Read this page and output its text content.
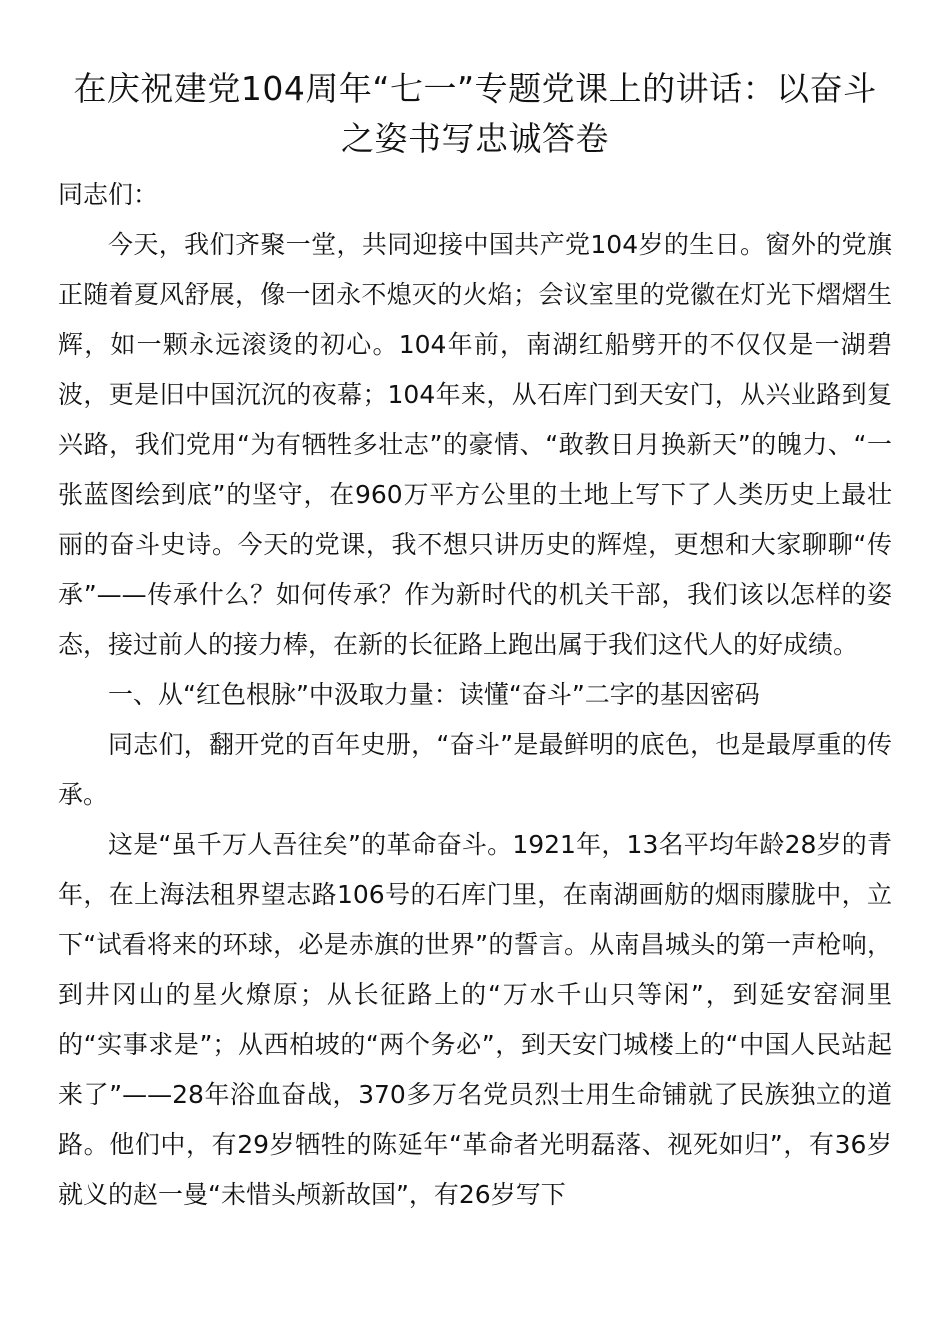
在庆祝建党104周年“七一”专题党课上的讲话：以奋斗之姿书写忠诚答卷

同志们：

今天，我们齐聚一堂，共同迎接中国共产党104岁的生日。窗外的党旗正随着夏风舒展，像一团永不熄灭的火焰；会议室里的党徽在灯光下熠熠生辉，如一颗永远滚烫的初心。104年前，南湖红船劈开的不仅仅是一湖碧波，更是旧中国沉沉的夜幕；104年来，从石库门到天安门，从兴业路到复兴路，我们党用“为有牺牲多壮志”的豪情、“敢教日月换新天”的魄力、“一张蓝图绘到底”的坚守，在960万平方公里的土地上写下了人类历史上最壮丽的奋斗史诗。今天的党课，我不想只讲历史的辉煌，更想和大家聊聊“传承”——传承什么？如何传承？作为新时代的机关干部，我们该以怎样的姿态，接过前人的接力棒，在新的长征路上跑出属于我们这代人的好成绩。

一、从“红色根脉”中汲取力量：读懂“奋斗”二字的基因密码

同志们，翻开党的百年史册，“奋斗”是最鲜明的底色，也是最厚重的传承。

这是“虽千万人吾往矣”的革命奋斗。1921年，13名平均年龄28岁的青年，在上海法租界望志路106号的石库门里，在南湖画舫的烟雨朦胧中，立下“试看将来的环球，必是赤旗的世界”的誓言。从南昌城头的第一声枪响，到井冈山的星火燎原；从长征路上的“万水千山只等闲”，到延安窑洞里的“实事求是”；从西柏坡的“两个务必”，到天安门城楼上的“中国人民站起来了”——28年浴血奋战，370多万名党员烈士用生命铺就了民族独立的道路。他们中，有29岁牺牲的陈延年“革命者光明磊落、视死如归”，有36岁就义的赵一曼“未惜头颅新故国”，有26岁写下
